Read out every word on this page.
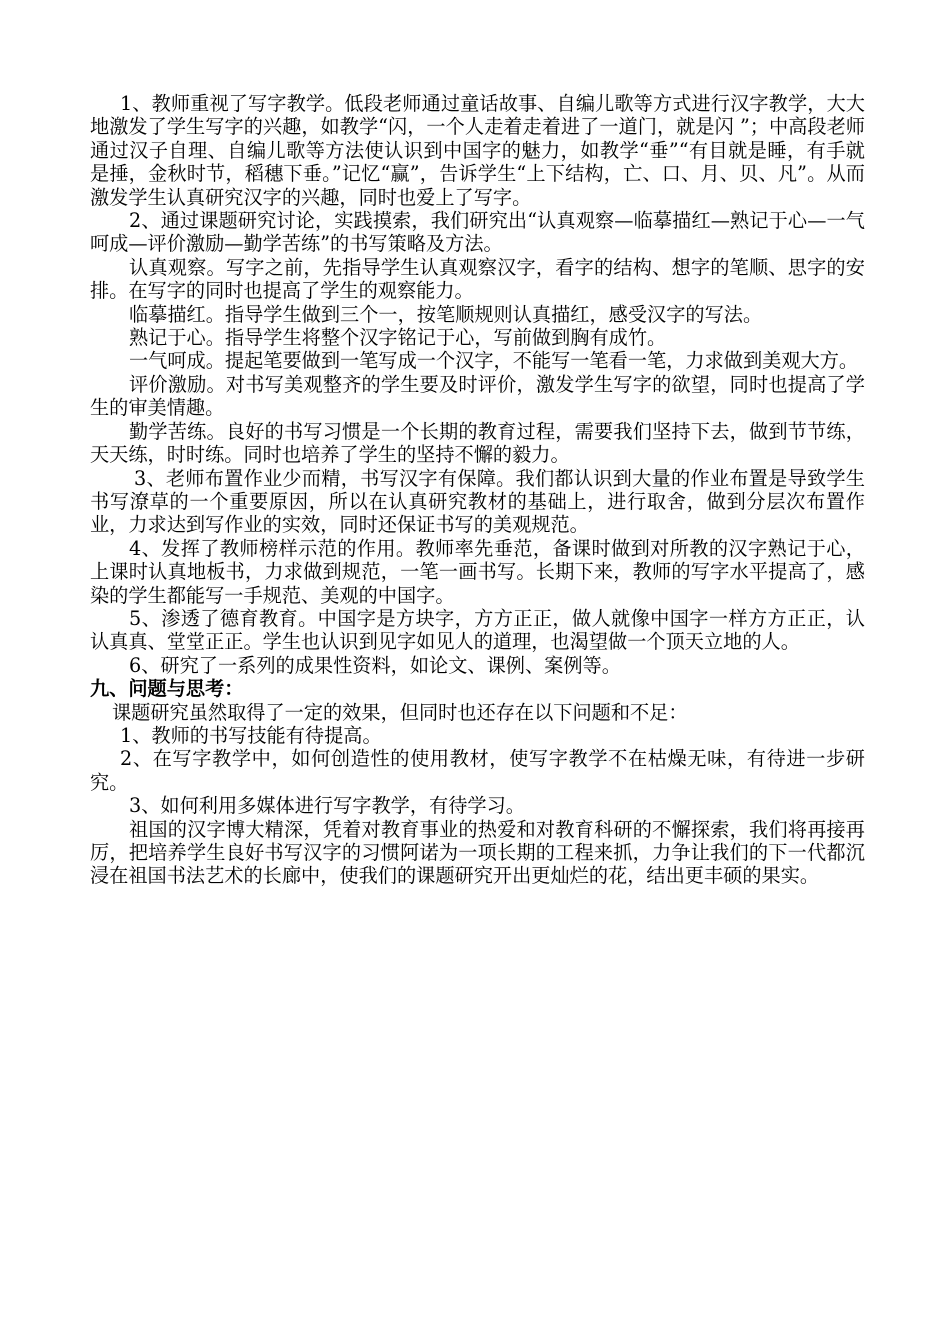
1、教师重视了写字教学。低段老师通过童话故事、自编儿歌等方式进行汉字教学，大大地激发了学生写字的兴趣，如教学“闪，一个人走着走着进了一道门，就是闪 ”；中高段老师通过汉子自理、自编儿歌等方法使认识到中国字的魅力，如教学“垂”“有目就是睡，有手就是捶，金秋时节，稻穗下垂。”记忆“赢”，告诉学生“上下结构，亡、口、月、贝、凡”。从而激发学生认真研究汉字的兴趣，同时也爱上了写字。

2、通过课题研究讨论，实践摸索，我们研究出“认真观察—临摹描红—熟记于心—一气呵成—评价激励—勤学苦练”的书写策略及方法。

认真观察。写字之前，先指导学生认真观察汉字，看字的结构、想字的笔顺、思字的安排。在写字的同时也提高了学生的观察能力。

临摹描红。指导学生做到三个一，按笔顺规则认真描红，感受汉字的写法。

熟记于心。指导学生将整个汉字铭记于心，写前做到胸有成竹。

一气呵成。提起笔要做到一笔写成一个汉字，不能写一笔看一笔，力求做到美观大方。

评价激励。对书写美观整齐的学生要及时评价，激发学生写字的欲望，同时也提高了学生的审美情趣。

勤学苦练。良好的书写习惯是一个长期的教育过程，需要我们坚持下去，做到节节练，天天练，时时练。同时也培养了学生的坚持不懈的毅力。

3、老师布置作业少而精，书写汉字有保障。我们都认识到大量的作业布置是导致学生书写潦草的一个重要原因，所以在认真研究教材的基础上，进行取舍，做到分层次布置作业，力求达到写作业的实效，同时还保证书写的美观规范。

4、发挥了教师榜样示范的作用。教师率先垂范，备课时做到对所教的汉字熟记于心，上课时认真地板书，力求做到规范，一笔一画书写。长期下来，教师的写字水平提高了，感染的学生都能写一手规范、美观的中国字。

5、渗透了德育教育。中国字是方块字，方方正正，做人就像中国字一样方方正正，认认真真、堂堂正正。学生也认识到见字如见人的道理，也渴望做一个顶天立地的人。

6、研究了一系列的成果性资料，如论文、课例、案例等。

九、问题与思考：

课题研究虽然取得了一定的效果，但同时也还存在以下问题和不足：

1、教师的书写技能有待提高。

2、在写字教学中，如何创造性的使用教材，使写字教学不在枯燥无味，有待进一步研究。

3、如何利用多媒体进行写字教学，有待学习。

祖国的汉字博大精深，凭着对教育事业的热爱和对教育科研的不懈探索，我们将再接再厉，把培养学生良好书写汉字的习惯阿诺为一项长期的工程来抓，力争让我们的下一代都沉浸在祖国书法艺术的长廊中，使我们的课题研究开出更灿烂的花，结出更丰硕的果实。
